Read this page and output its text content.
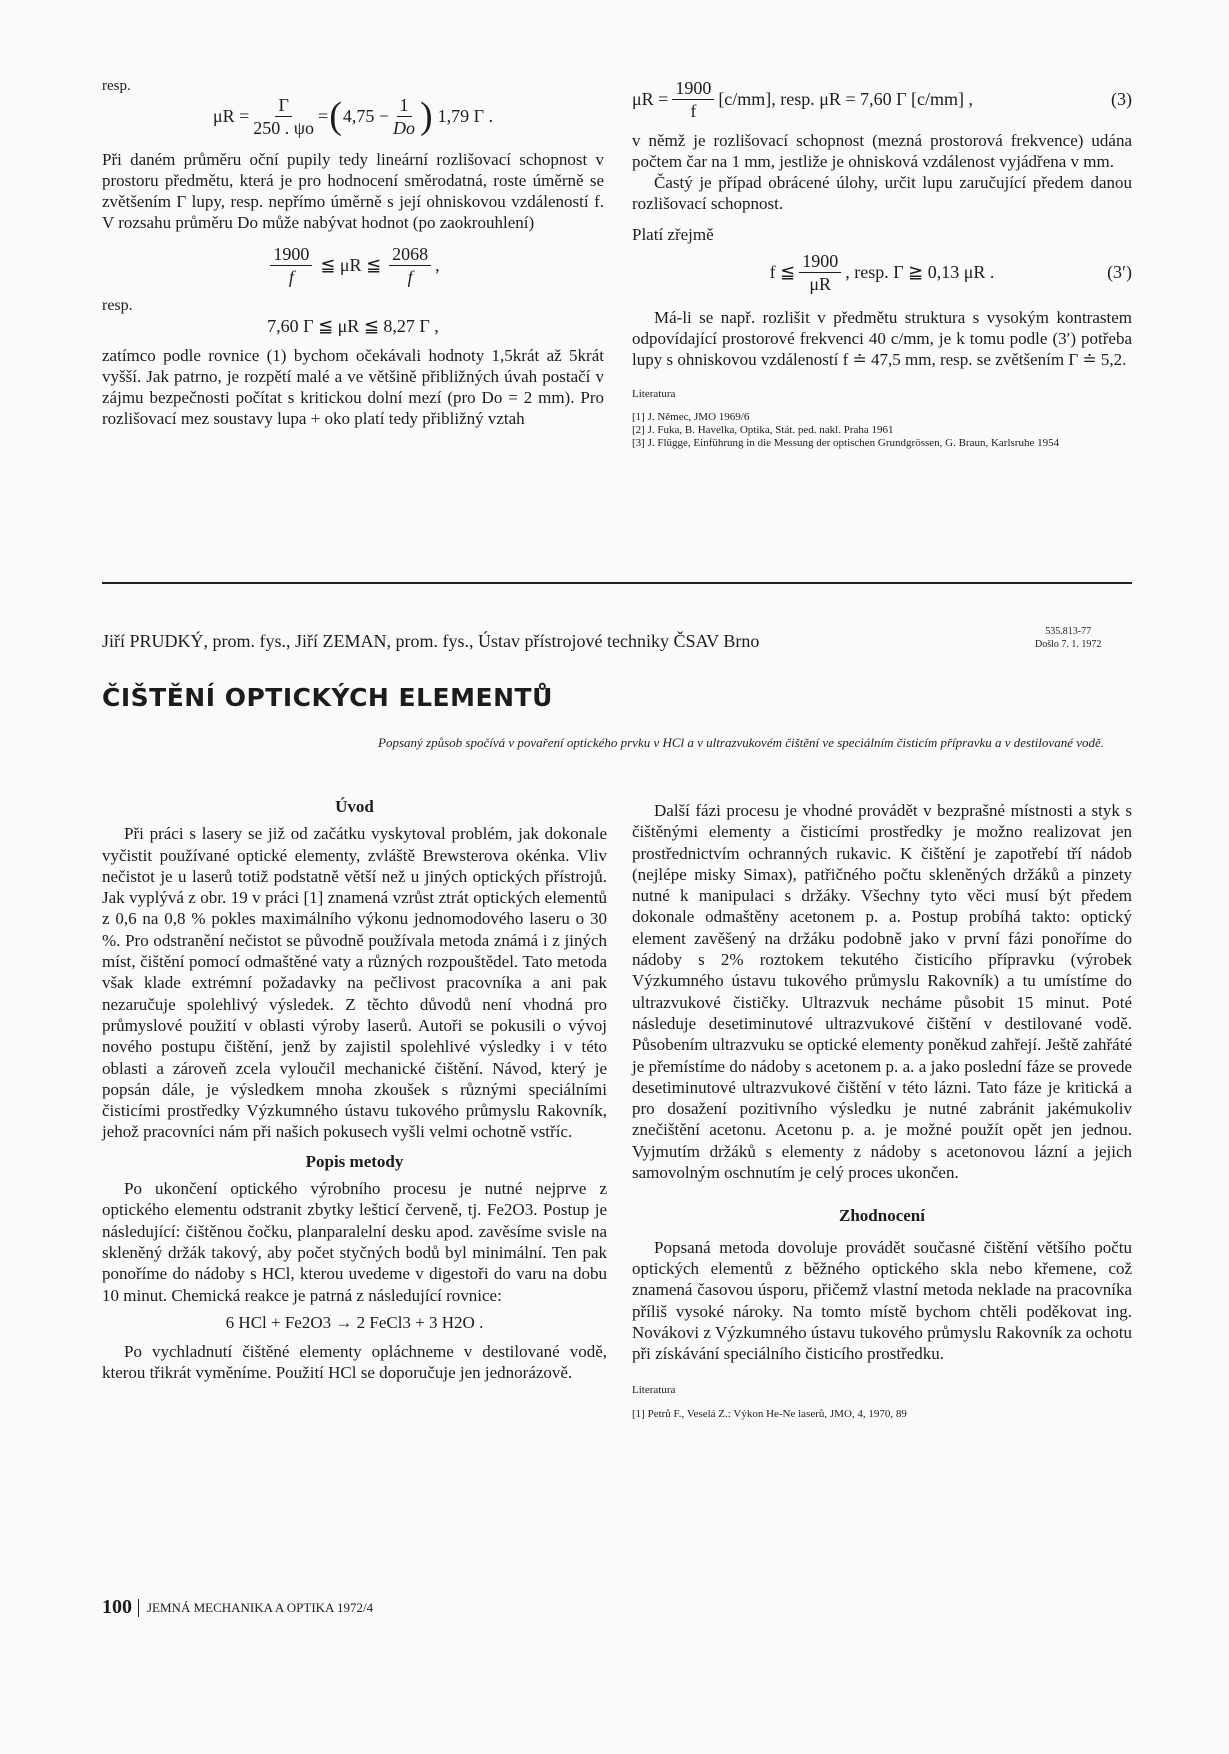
resp.
$\mu R = \frac{\Gamma}{250 . \psi o}$ = ( $4,75 - \frac{1}{Do}$ ) 1,79 Γ .

Při daném průměru oční pupily tedy lineární rozlišovací schopnost v prostoru předmětu, která je pro hodnocení směrodatná, roste úměrně se zvětšením Γ lupy, resp. nepřímo úměrně s její ohniskovou vzdáleností f. V rozsahu průměru Do může nabývat hodnot (po zaokrouhlení)

$\frac{1900}{f}$ ≦ μR ≦ $\frac{2068}{f}$ ,
resp.
7,60 Γ ≦ μR ≦ 8,27 Γ ,

zatímco podle rovnice (1) bychom očekávali hodnoty 1,5krát až 5krát vyšší. Jak patrno, je rozpětí malé a ve většině přibližných úvah postačí v zájmu bezpečnosti počítat s kritickou dolní mezí (pro Do = 2 mm). Pro rozlišovací mez soustavy lupa + oko platí tedy přibližný vztah

$\mu R = \frac{1900}{f} [c/mm]$, resp. μR = 7,60 Γ [c/mm] ,	(3)

v němž je rozlišovací schopnost (mezná prostorová frekvence) udána počtem čar na 1 mm, jestliže je ohnisková vzdálenost vyjádřena v mm.

Častý je případ obrácené úlohy, určit lupu zaručující předem danou rozlišovací schopnost.

Platí zřejmě

f ≦ $\frac{1900}{\mu R}$ , resp. Γ ≧ 0,13 μR .	(3′)

Má-li se např. rozlišit v předmětu struktura s vysokým kontrastem odpovídající prostorové frekvenci 40 c/mm, je k tomu podle (3′) potřeba lupy s ohniskovou vzdáleností f ≐ 47,5 mm, resp. se zvětšením Γ ≐ 5,2.

Literatura
[1] J. Němec, JMO 1969/6
[2] J. Fuka, B. Havelka, Optika, Stát. ped. nakl. Praha 1961
[3] J. Flügge, Einführung in die Messung der optischen Grundgrössen, G. Braun, Karlsruhe 1954
Jiří PRUDKÝ, prom. fys., Jiří ZEMAN, prom. fys., Ústav přístrojové techniky ČSAV Brno	535.813-77
Došlo 7. 1. 1972
ČIŠTĚNÍ OPTICKÝCH ELEMENTŮ
Popsaný způsob spočívá v povaření optického prvku v HCl a v ultrazvukovém čištění ve speciálním čisticím přípravku a v destilované vodě.
Úvod

Při práci s lasery se již od začátku vyskytoval problém, jak dokonale vyčistit používané optické elementy, zvláště Brewsterova okénka. Vliv nečistot je u laserů totiž podstatně větší než u jiných optických přístrojů. Jak vyplývá z obr. 19 v práci [1] znamená vzrůst ztrát optických elementů z 0,6 na 0,8 % pokles maximálního výkonu jednomodového laseru o 30 %. Pro odstranění nečistot se původně používala metoda známá i z jiných míst, čištění pomocí odmaštěné vaty a různých rozpouštědel. Tato metoda však klade extrémní požadavky na pečlivost pracovníka a ani pak nezaručuje spolehlivý výsledek. Z těchto důvodů není vhodná pro průmyslové použití v oblasti výroby laserů. Autoři se pokusili o vývoj nového postupu čištění, jenž by zajistil spolehlivé výsledky i v této oblasti a zároveň zcela vyloučil mechanické čištění. Návod, který je popsán dále, je výsledkem mnoha zkoušek s různými speciálními čisticími prostředky Výzkumného ústavu tukového průmyslu Rakovník, jehož pracovníci nám při našich pokusech vyšli velmi ochotně vstříc.

Popis metody

Po ukončení optického výrobního procesu je nutné nejprve z optického elementu odstranit zbytky lešticí červeně, tj. Fe2O3. Postup je následující: čištěnou čočku, planparalelní desku apod. zavěsíme svisle na skleněný držák takový, aby počet styčných bodů byl minimální. Ten pak ponoříme do nádoby s HCl, kterou uvedeme v digestoři do varu na dobu 10 minut. Chemická reakce je patrná z následující rovnice:

6 HCl + Fe2O3 → 2 FeCl3 + 3 H2O .

Po vychladnutí čištěné elementy opláchneme v destilované vodě, kterou třikrát vyměníme. Použití HCl se doporučuje jen jednorázově.

Další fázi procesu je vhodné provádět v bezprašné místnosti a styk s čištěnými elementy a čisticími prostředky je možno realizovat jen prostřednictvím ochranných rukavic. K čištění je zapotřebí tří nádob (nejlépe misky Simax), patřičného počtu skleněných držáků a pinzety nutné k manipulaci s držáky. Všechny tyto věci musí být předem dokonale odmaštěny acetonem p. a. Postup probíhá takto: optický element zavěšený na držáku podobně jako v první fázi ponoříme do nádoby s 2% roztokem tekutého čisticího přípravku (výrobek Výzkumného ústavu tukového průmyslu Rakovník) a tu umístíme do ultrazvukové čističky. Ultrazvuk necháme působit 15 minut. Poté následuje desetiminutové ultrazvukové čištění v destilované vodě. Působením ultrazvuku se optické elementy poněkud zahřejí. Ještě zahřáté je přemístíme do nádoby s acetonem p. a. a jako poslední fáze se provede desetiminutové ultrazvukové čištění v této lázni. Tato fáze je kritická a pro dosažení pozitivního výsledku je nutné zabránit jakémukoliv znečištění acetonu. Acetonu p. a. je možné použít opět jen jednou. Vyjmutím držáků s elementy z nádoby s acetonovou lázní a jejich samovolným oschnutím je celý proces ukončen.

Zhodnocení

Popsaná metoda dovoluje provádět současné čištění většího počtu optických elementů z běžného optického skla nebo křemene, což znamená časovou úsporu, přičemž vlastní metoda neklade na pracovníka příliš vysoké nároky. Na tomto místě bychom chtěli poděkovat ing. Novákovi z Výzkumného ústavu tukového průmyslu Rakovník za ochotu při získávání speciálního čisticího prostředku.

Literatura
[1] Petrů F., Veselá Z.: Výkon He-Ne laserů, JMO, 4, 1970, 89
100 JEMNÁ MECHANIKA A OPTIKA 1972/4
